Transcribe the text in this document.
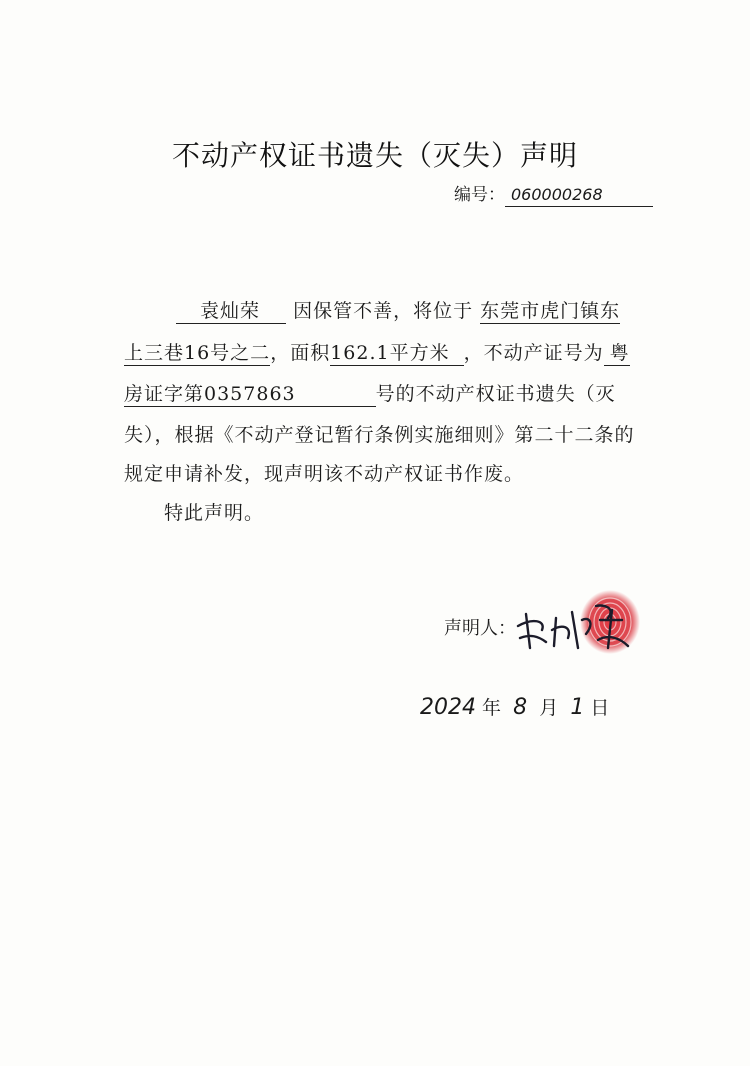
不动产权证书遗失（灭失）声明
编号： 060000268
袁灿荣 因保管不善，将位于 东莞市虎门镇东
上三巷16号之二，面积162.1平方米 ，不动产证号为 粤
房证字第0357863	号的不动产权证书遗失（灭
失），根据《不动产登记暂行条例实施细则》第二十二条的
规定申请补发，现声明该不动产权证书作废。
特此声明。
声明人：
2024 年 8 月 1 日
